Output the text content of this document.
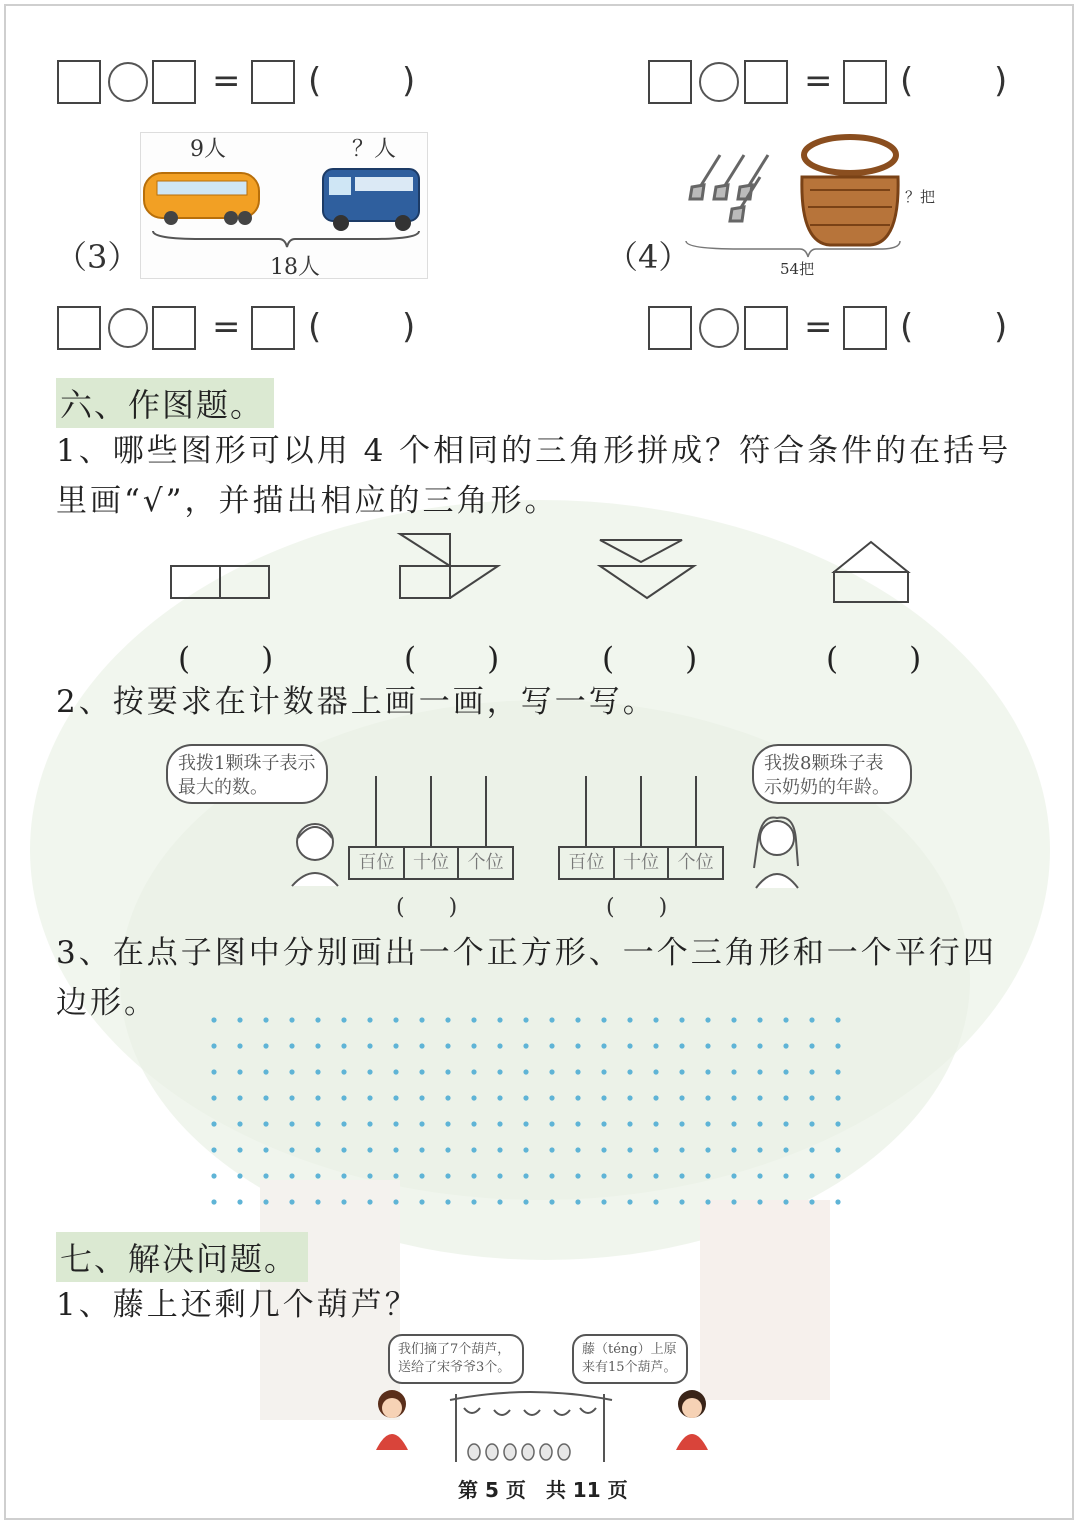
= ( )	= ( )
（3）
9人	？人
18人	（4）
？把
54把
= ( )	= ( )
六、作图题。
1、哪些图形可以用 4 个相同的三角形拼成？符合条件的在括号
里画“√”，并描出相应的三角形。
(　　)	(　　)	(　　)	(　　)
2、按要求在计数器上画一画，写一写。
我拨1颗珠子表示最大的数。
我拨8颗珠子表示奶奶的年龄。
百位	十位	个位
(　　)
百位	十位	个位
(　　)
3、在点子图中分别画出一个正方形、一个三角形和一个平行四
边形。
七、解决问题。
1、藤上还剩几个葫芦？
我们摘了7个葫芦，送给了宋爷爷3个。
藤（téng）上原来有15个葫芦。
第 5 页　共 11 页
